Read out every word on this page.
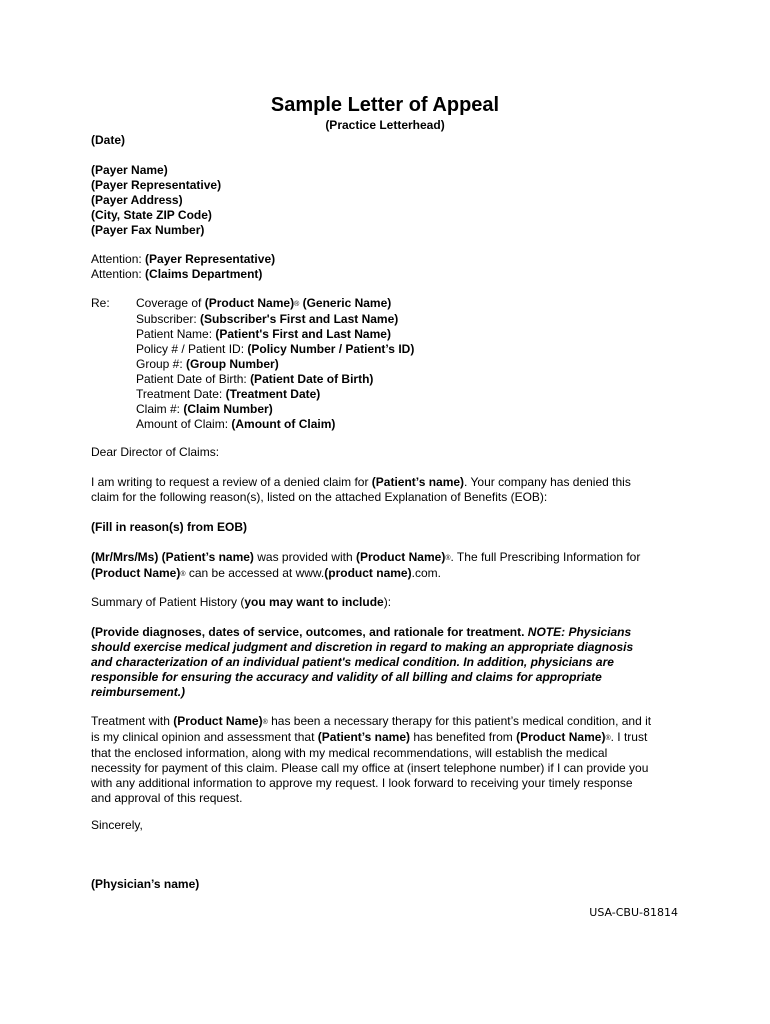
Sample Letter of Appeal
(Practice Letterhead)
(Date)
(Payer Name)
(Payer Representative)
(Payer Address)
(City, State ZIP Code)
(Payer Fax Number)
Attention: (Payer Representative)
Attention: (Claims Department)
Re: Coverage of (Product Name)® (Generic Name)
Subscriber: (Subscriber's First and Last Name)
Patient Name: (Patient's First and Last Name)
Policy # / Patient ID: (Policy Number / Patient’s ID)
Group #: (Group Number)
Patient Date of Birth: (Patient Date of Birth)
Treatment Date: (Treatment Date)
Claim #: (Claim Number)
Amount of Claim: (Amount of Claim)
Dear Director of Claims:
I am writing to request a review of a denied claim for (Patient’s name). Your company has denied this
claim for the following reason(s), listed on the attached Explanation of Benefits (EOB):
(Fill in reason(s) from EOB)
(Mr/Mrs/Ms) (Patient’s name) was provided with (Product Name)®. The full Prescribing Information for
(Product Name)® can be accessed at www.(product name).com.
Summary of Patient History (you may want to include):
(Provide diagnoses, dates of service, outcomes, and rationale for treatment. NOTE: Physicians
should exercise medical judgment and discretion in regard to making an appropriate diagnosis
and characterization of an individual patient's medical condition. In addition, physicians are
responsible for ensuring the accuracy and validity of all billing and claims for appropriate
reimbursement.)
Treatment with (Product Name)® has been a necessary therapy for this patient’s medical condition, and it
is my clinical opinion and assessment that (Patient’s name) has benefited from (Product Name)®. I trust
that the enclosed information, along with my medical recommendations, will establish the medical
necessity for payment of this claim. Please call my office at (insert telephone number) if I can provide you
with any additional information to approve my request. I look forward to receiving your timely response
and approval of this request.
Sincerely,
(Physician’s name)
USA-CBU-81814
